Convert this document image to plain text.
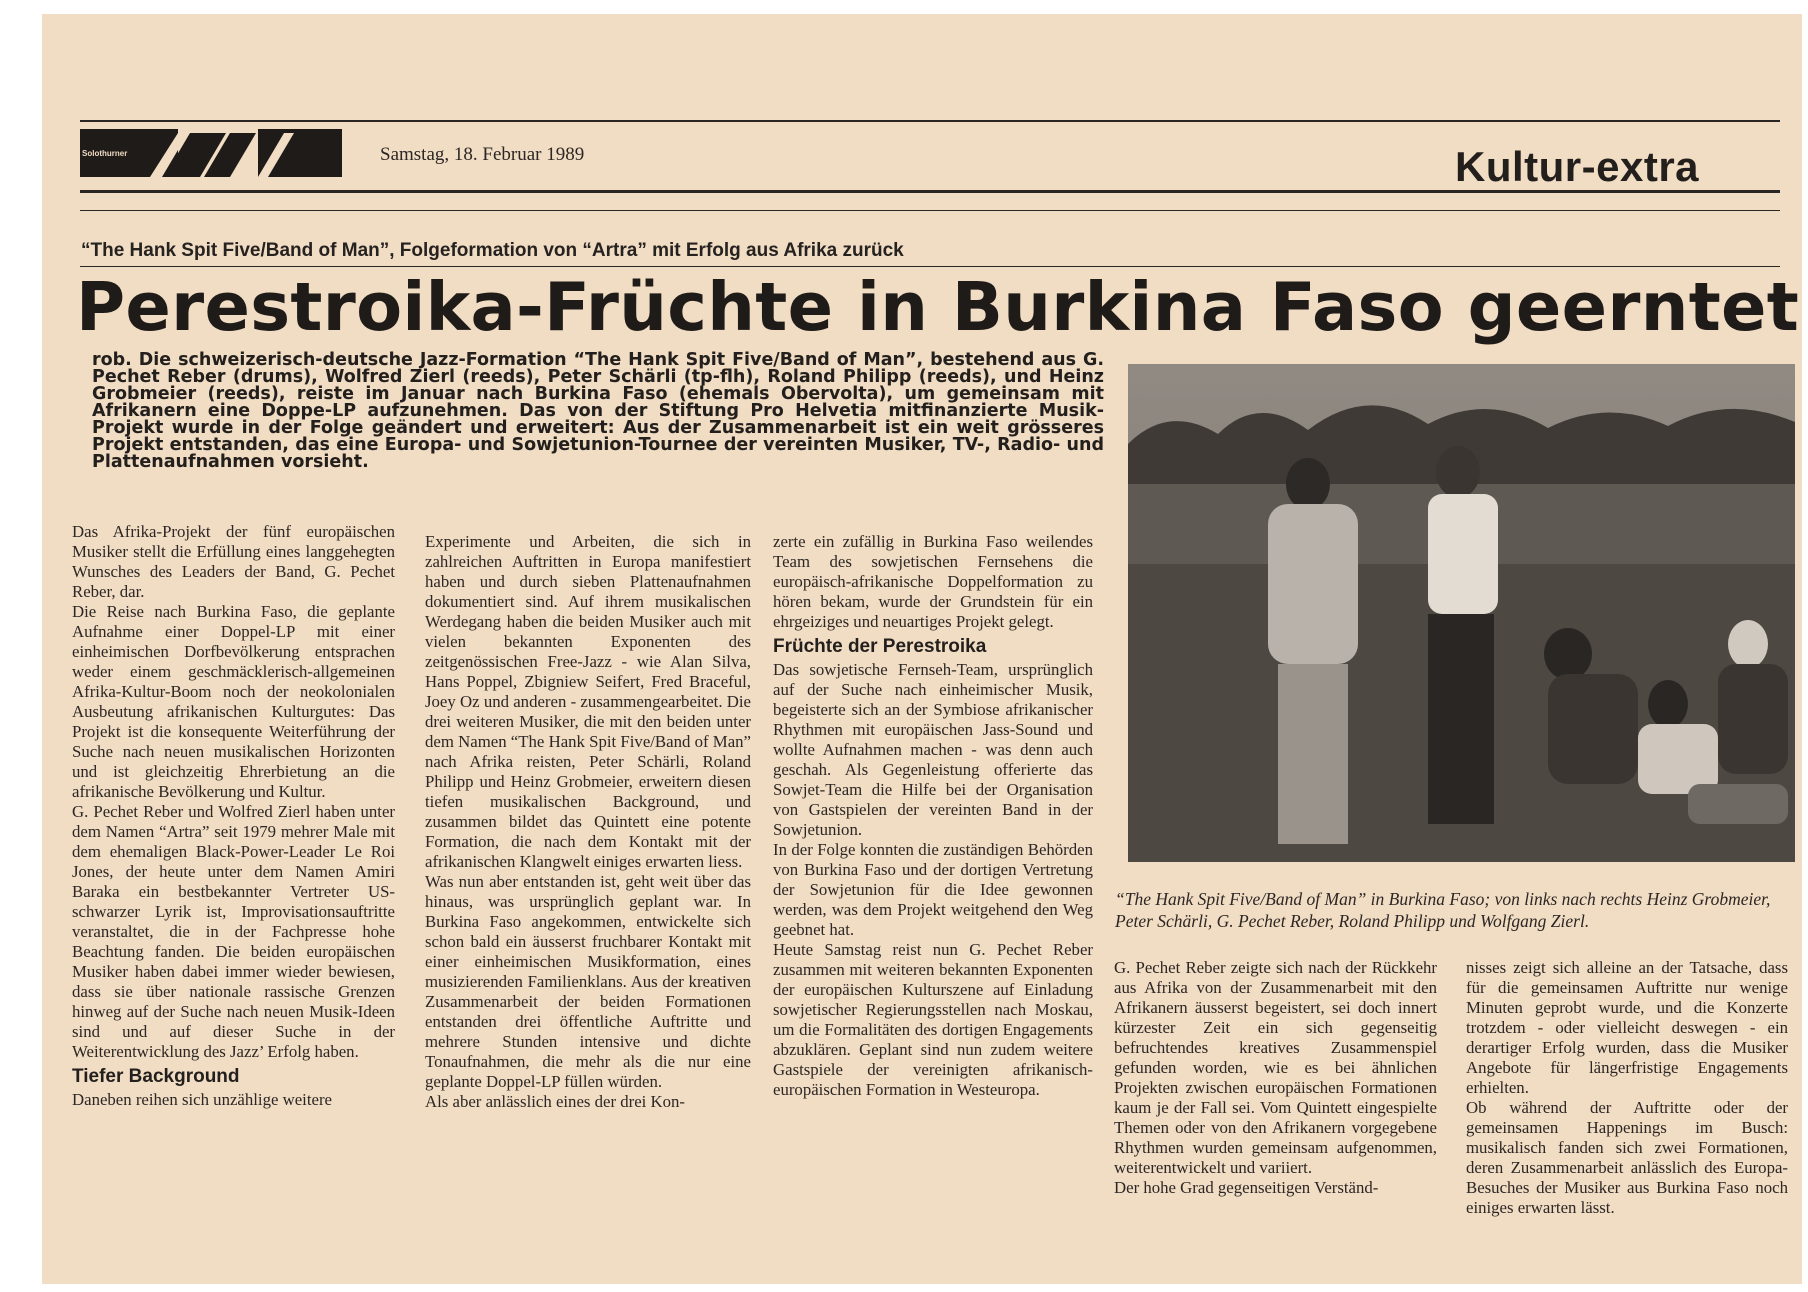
Solothurner	Samstag, 18. Februar 1989	Kultur-extra
“The Hank Spit Five/Band of Man”, Folgeformation von “Artra” mit Erfolg aus Afrika zurück
Perestroika-Früchte in Burkina Faso geerntet

rob. Die schweizerisch-deutsche Jazz-Formation “The Hank Spit Five/Band of Man”, bestehend aus G. Pechet Reber (drums), Wolfred Zierl (reeds), Peter Schärli (tp-flh), Roland Philipp (reeds), und Heinz Grobmeier (reeds), reiste im Januar nach Burkina Faso (ehemals Obervolta), um gemeinsam mit Afrikanern eine Doppe-LP aufzunehmen. Das von der Stiftung Pro Helvetia mitfinanzierte Musik-Projekt wurde in der Folge geändert und erweitert: Aus der Zusammenarbeit ist ein weit grösseres Projekt entstanden, das eine Europa- und Sowjetunion-Tournee der vereinten Musiker, TV-, Radio- und Plattenaufnahmen vorsieht.

“The Hank Spit Five/Band of Man” in Burkina Faso; von links nach rechts Heinz Grobmeier, Peter Schärli, G. Pechet Reber, Roland Philipp und Wolfgang Zierl.

Das Afrika-Projekt der fünf europäischen Musiker stellt die Erfüllung eines langgehegten Wunsches des Leaders der Band, G. Pechet Reber, dar.

Die Reise nach Burkina Faso, die geplante Aufnahme einer Doppel-LP mit einer einheimischen Dorfbevölkerung entsprachen weder einem geschmäcklerisch-allgemeinen Afrika-Kultur-Boom noch der neokolonialen Ausbeutung afrikanischen Kulturgutes: Das Projekt ist die konsequente Weiterführung der Suche nach neuen musikalischen Horizonten und ist gleichzeitig Ehrerbietung an die afrikanische Bevölkerung und Kultur.

G. Pechet Reber und Wolfred Zierl haben unter dem Namen “Artra” seit 1979 mehrer Male mit dem ehemaligen Black-Power-Leader Le Roi Jones, der heute unter dem Namen Amiri Baraka ein bestbekannter Vertreter US-schwarzer Lyrik ist, Improvisationsauftritte veranstaltet, die in der Fachpresse hohe Beachtung fanden. Die beiden europäischen Musiker haben dabei immer wieder bewiesen, dass sie über nationale rassische Grenzen hinweg auf der Suche nach neuen Musik-Ideen sind und auf dieser Suche in der Weiterentwicklung des Jazz’ Erfolg haben.

Tiefer Background

Daneben reihen sich unzählige weitere

Experimente und Arbeiten, die sich in zahlreichen Auftritten in Europa manifestiert haben und durch sieben Plattenaufnahmen dokumentiert sind. Auf ihrem musikalischen Werdegang haben die beiden Musiker auch mit vielen bekannten Exponenten des zeitgenössischen Free-Jazz - wie Alan Silva, Hans Poppel, Zbigniew Seifert, Fred Braceful, Joey Oz und anderen - zusammengearbeitet. Die drei weiteren Musiker, die mit den beiden unter dem Namen “The Hank Spit Five/Band of Man” nach Afrika reisten, Peter Schärli, Roland Philipp und Heinz Grobmeier, erweitern diesen tiefen musikalischen Background, und zusammen bildet das Quintett eine potente Formation, die nach dem Kontakt mit der afrikanischen Klangwelt einiges erwarten liess.

Was nun aber entstanden ist, geht weit über das hinaus, was ursprünglich geplant war. In Burkina Faso angekommen, entwickelte sich schon bald ein äusserst fruchbarer Kontakt mit einer einheimischen Musikformation, eines musizierenden Familienklans. Aus der kreativen Zusammenarbeit der beiden Formationen entstanden drei öffentliche Auftritte und mehrere Stunden intensive und dichte Tonaufnahmen, die mehr als die nur eine geplante Doppel-LP füllen würden.

Als aber anlässlich eines der drei Kon-

zerte ein zufällig in Burkina Faso weilendes Team des sowjetischen Fernsehens die europäisch-afrikanische Doppelformation zu hören bekam, wurde der Grundstein für ein ehrgeiziges und neuartiges Projekt gelegt.

Früchte der Perestroika

Das sowjetische Fernseh-Team, ursprünglich auf der Suche nach einheimischer Musik, begeisterte sich an der Symbiose afrikanischer Rhythmen mit europäischen Jass-Sound und wollte Aufnahmen machen - was denn auch geschah. Als Gegenleistung offerierte das Sowjet-Team die Hilfe bei der Organisation von Gastspielen der vereinten Band in der Sowjetunion.

In der Folge konnten die zuständigen Behörden von Burkina Faso und der dortigen Vertretung der Sowjetunion für die Idee gewonnen werden, was dem Projekt weitgehend den Weg geebnet hat.

Heute Samstag reist nun G. Pechet Reber zusammen mit weiteren bekannten Exponenten der europäischen Kulturszene auf Einladung sowjetischer Regierungsstellen nach Moskau, um die Formalitäten des dortigen Engagements abzuklären. Geplant sind nun zudem weitere Gastspiele der vereinigten afrikanisch-europäischen Formation in Westeuropa.

G. Pechet Reber zeigte sich nach der Rückkehr aus Afrika von der Zusammenarbeit mit den Afrikanern äusserst begeistert, sei doch innert kürzester Zeit ein sich gegenseitig befruchtendes kreatives Zusammenspiel gefunden worden, wie es bei ähnlichen Projekten zwischen europäischen Formationen kaum je der Fall sei. Vom Quintett eingespielte Themen oder von den Afrikanern vorgegebene Rhythmen wurden gemeinsam aufgenommen, weiterentwickelt und variiert.

Der hohe Grad gegenseitigen Verständ-

nisses zeigt sich alleine an der Tatsache, dass für die gemeinsamen Auftritte nur wenige Minuten geprobt wurde, und die Konzerte trotzdem - oder vielleicht deswegen - ein derartiger Erfolg wurden, dass die Musiker Angebote für längerfristige Engagements erhielten.

Ob während der Auftritte oder der gemeinsamen Happenings im Busch: musikalisch fanden sich zwei Formationen, deren Zusammenarbeit anlässlich des Europa-Besuches der Musiker aus Burkina Faso noch einiges erwarten lässt.
